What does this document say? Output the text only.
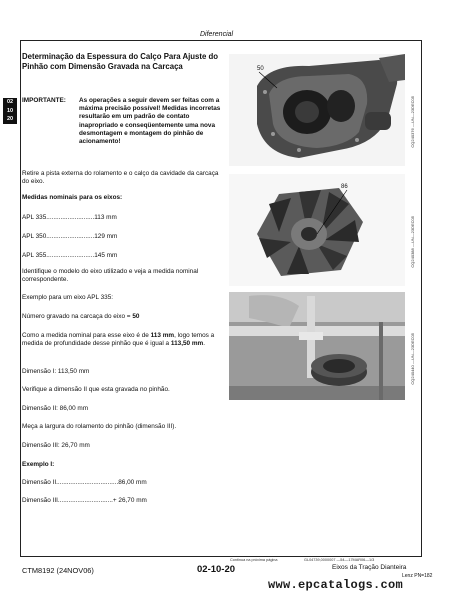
Diferencial
02
10
20
Determinação da Espessura do Calço Para Ajuste do Pinhão com Dimensão Gravada na Carcaça
IMPORTANTE: As operações a seguir devem ser feitas com a máxima precisão possível! Medidas incorretas resultarão em um padrão de contato inapropriado e conseqüentemente uma nova desmontagem e montagem do pinhão de acionamento!
Retire a pista externa do rolamento e o calço da cavidade da carcaça do eixo.
Medidas nominais para os eixos:
APL 335...........................113 mm
APL 350...........................129 mm
APL 355...........................145 mm
Identifique o modelo do eixo utilizado e veja a medida nominal correspondente.
Exemplo para um eixo APL 335:
Número gravado na carcaça do eixo = 50
Como a medida nominal para esse eixo é de 113 mm, logo temos a medida de profundidade desse pinhão que é igual a 113,50 mm.
Dimensão I: 113,50 mm
Verifique a dimensão II que esta gravada no pinhão.
Dimensão II: 86,00 mm
Meça a largura do rolamento do pinhão (dimensão III).
Dimensão III: 26,70 mm
Exemplo I:
Dimensão II...................................86,00 mm
Dimensão III...............................+ 26,70 mm
50
CQ240376 —UN—23DEC05
86
CQ240388 —UN—23DEC05
CQ240440 —UN—23DEC05
Continua na próxima página	GL04739,0000007 —54—17MAR06—1/3
CTM8192 (24NOV06)	02-10-20	Eixos da Tração Dianteira
Lenz PN=182
www.epcatalogs.com
